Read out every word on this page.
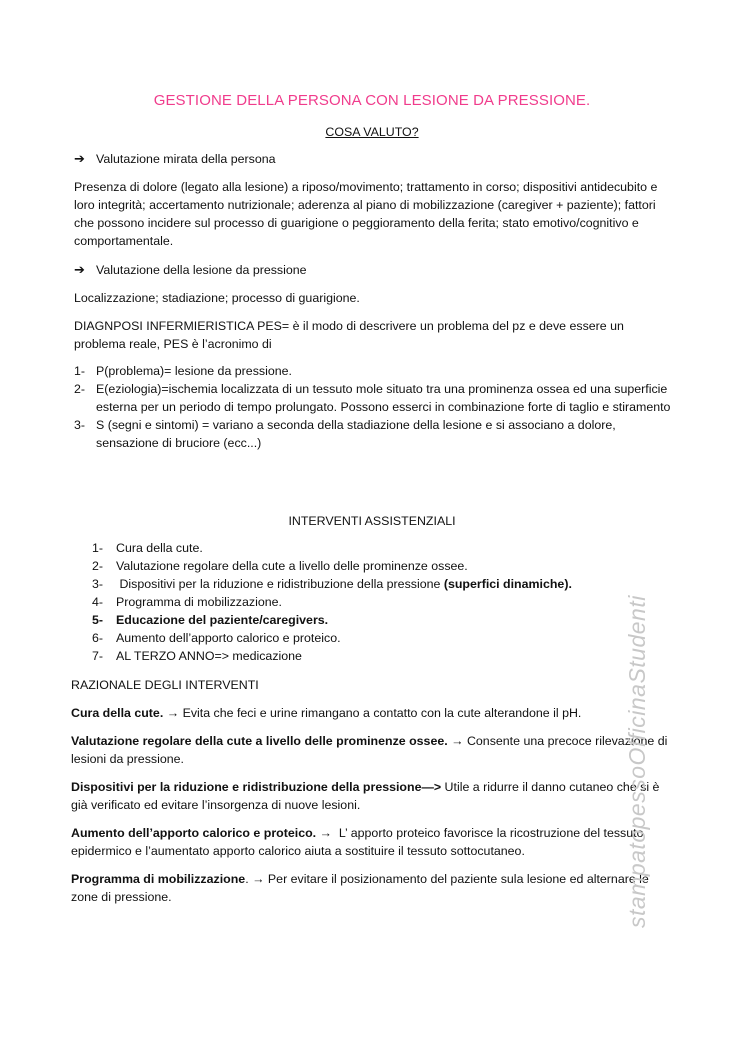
GESTIONE DELLA PERSONA CON LESIONE DA PRESSIONE.
COSA VALUTO?
➔ Valutazione mirata della persona
Presenza di dolore (legato alla lesione) a riposo/movimento; trattamento in corso; dispositivi antidecubito e loro integrità; accertamento nutrizionale; aderenza al piano di mobilizzazione (caregiver + paziente); fattori che possono incidere sul processo di guarigione o peggioramento della ferita; stato emotivo/cognitivo e comportamentale.
➔ Valutazione della lesione da pressione
Localizzazione; stadiazione; processo di guarigione.
DIAGNPOSI INFERMIERISTICA PES= è il modo di descrivere un problema del pz e deve essere un problema reale, PES è l’acronimo di
1- P(problema)= lesione da pressione.
2- E(eziologia)=ischemia localizzata di un tessuto mole situato tra una prominenza ossea ed una superficie esterna per un periodo di tempo prolungato. Possono esserci in combinazione forte di taglio e stiramento
3- S (segni e sintomi) = variano a seconda della stadiazione della lesione e si associano a dolore, sensazione di bruciore (ecc...)
INTERVENTI ASSISTENZIALI
1-	Cura della cute.
2-	Valutazione regolare della cute a livello delle prominenze ossee.
3-	Dispositivi per la riduzione e ridistribuzione della pressione (superfici dinamiche).
4-	Programma di mobilizzazione.
5-	Educazione del paziente/caregivers.
6-	Aumento dell’apporto calorico e proteico.
7-	AL TERZO ANNO=> medicazione
RAZIONALE DEGLI INTERVENTI
Cura della cute. → Evita che feci e urine rimangano a contatto con la cute alterandone il pH.
Valutazione regolare della cute a livello delle prominenze ossee. → Consente una precoce rilevazione di lesioni da pressione.
Dispositivi per la riduzione e ridistribuzione della pressione—> Utile a ridurre il danno cutaneo che si è già verificato ed evitare l’insorgenza di nuove lesioni.
Aumento dell’apporto calorico e proteico. →  L’ apporto proteico favorisce la ricostruzione del tessuto epidermico e l’aumentato apporto calorico aiuta a sostituire il tessuto sottocutaneo.
Programma di mobilizzazione. → Per evitare il posizionamento del paziente sula lesione ed alternare le zone di pressione.	stampatopessoOfficinaStudenti
